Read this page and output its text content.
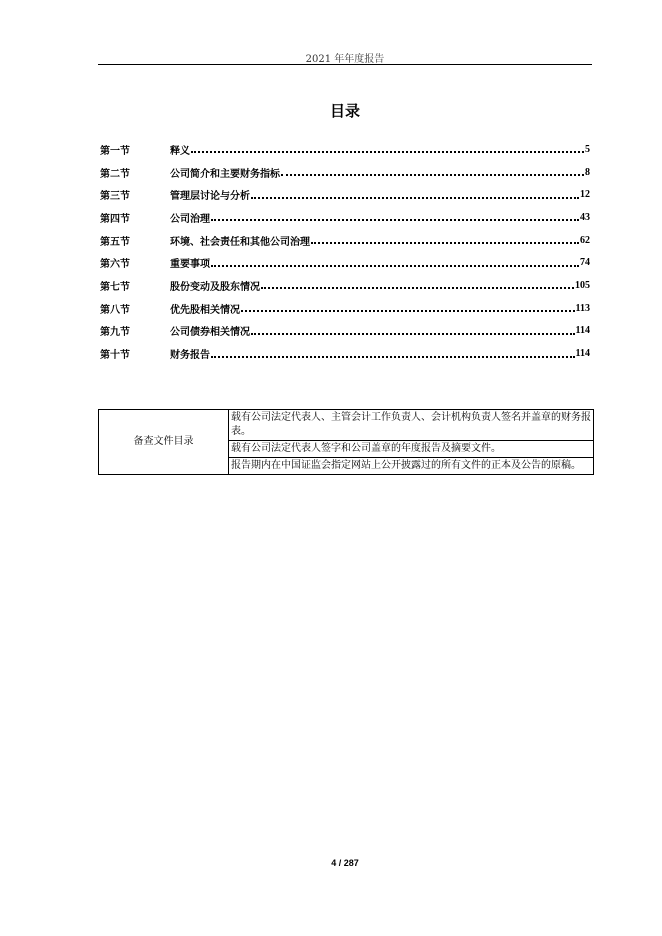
2021 年年度报告
目录
第一节	释义	5
第二节	公司简介和主要财务指标	8
第三节	管理层讨论与分析	12
第四节	公司治理	43
第五节	环境、社会责任和其他公司治理	62
第六节	重要事项	74
第七节	股份变动及股东情况	105
第八节	优先股相关情况	113
第九节	公司债券相关情况	114
第十节	财务报告	114
备查文件目录	载有公司法定代表人、主管会计工作负责人、会计机构负责人签名并盖章的财务报表。
载有公司法定代表人签字和公司盖章的年度报告及摘要文件。
报告期内在中国证监会指定网站上公开披露过的所有文件的正本及公告的原稿。
4 / 287
